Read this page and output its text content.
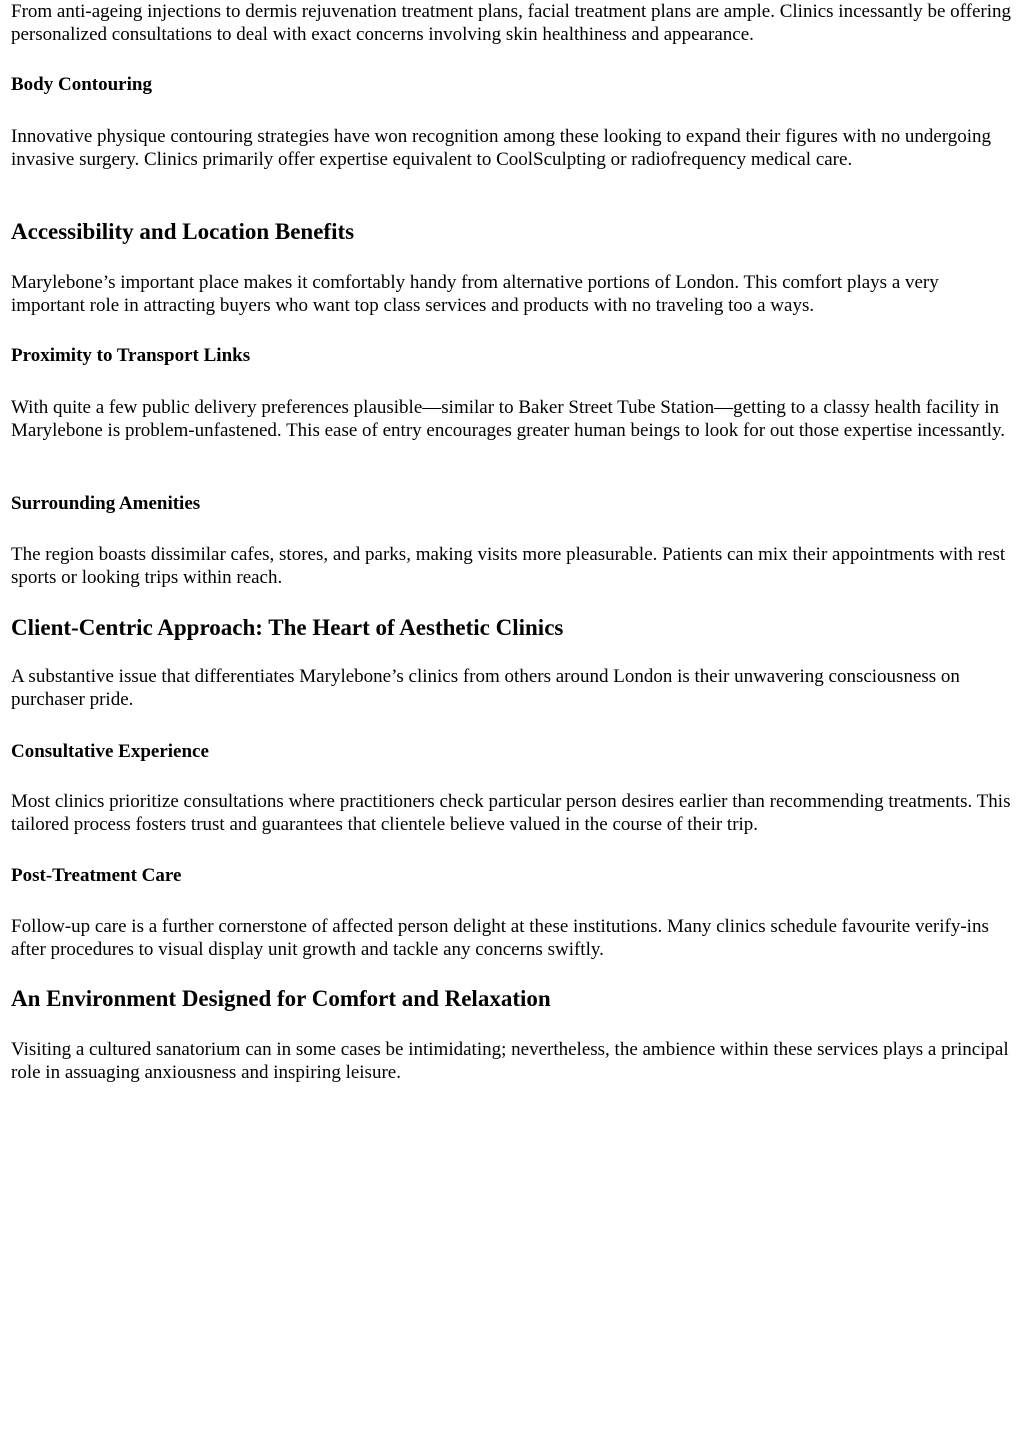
From anti-ageing injections to dermis rejuvenation treatment plans, facial treatment plans are ample. Clinics incessantly be offering personalized consultations to deal with exact concerns involving skin healthiness and appearance.

Body Contouring

Innovative physique contouring strategies have won recognition among these looking to expand their figures with no undergoing invasive surgery. Clinics primarily offer expertise equivalent to CoolSculpting or radiofrequency medical care.

Accessibility and Location Benefits

Marylebone’s important place makes it comfortably handy from alternative portions of London. This comfort plays a very important role in attracting buyers who want top class services and products with no traveling too a ways.

Proximity to Transport Links

With quite a few public delivery preferences plausible—similar to Baker Street Tube Station—getting to a classy health facility in Marylebone is problem-unfastened. This ease of entry encourages greater human beings to look for out those expertise incessantly.

Surrounding Amenities

The region boasts dissimilar cafes, stores, and parks, making visits more pleasurable. Patients can mix their appointments with rest sports or looking trips within reach.

Client-Centric Approach: The Heart of Aesthetic Clinics

A substantive issue that differentiates Marylebone’s clinics from others around London is their unwavering consciousness on purchaser pride.

Consultative Experience

Most clinics prioritize consultations where practitioners check particular person desires earlier than recommending treatments. This tailored process fosters trust and guarantees that clientele believe valued in the course of their trip.

Post-Treatment Care

Follow-up care is a further cornerstone of affected person delight at these institutions. Many clinics schedule favourite verify-ins after procedures to visual display unit growth and tackle any concerns swiftly.

An Environment Designed for Comfort and Relaxation

Visiting a cultured sanatorium can in some cases be intimidating; nevertheless, the ambience within these services plays a principal role in assuaging anxiousness and inspiring leisure.
